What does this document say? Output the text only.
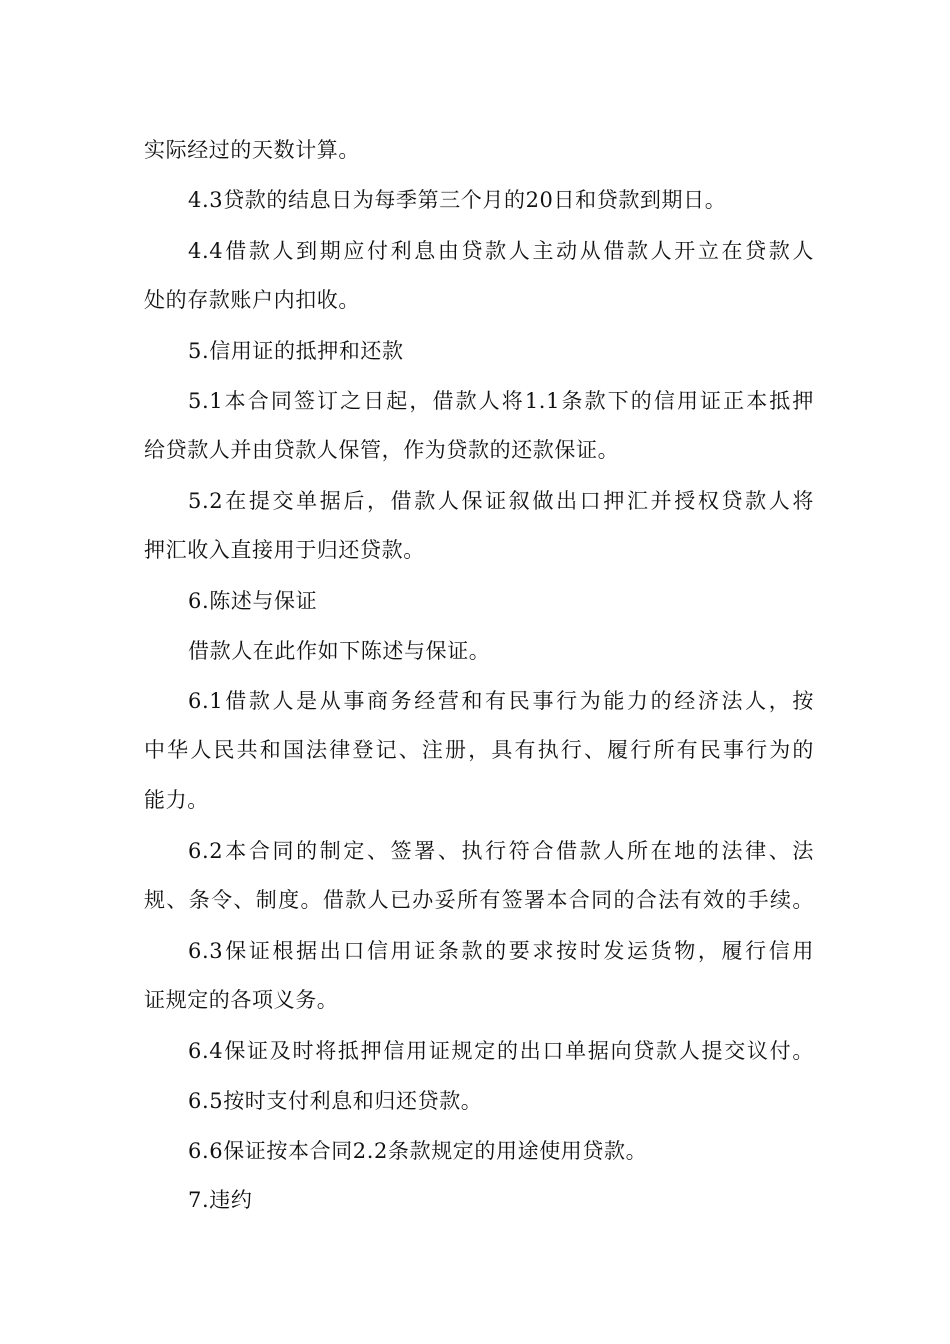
实际经过的天数计算。
4.3贷款的结息日为每季第三个月的20日和贷款到期日。
4.4借款人到期应付利息由贷款人主动从借款人开立在贷款人
处的存款账户内扣收。
5.信用证的抵押和还款
5.1本合同签订之日起，借款人将1.1条款下的信用证正本抵押
给贷款人并由贷款人保管，作为贷款的还款保证。
5.2在提交单据后，借款人保证叙做出口押汇并授权贷款人将
押汇收入直接用于归还贷款。
6.陈述与保证
借款人在此作如下陈述与保证。
6.1借款人是从事商务经营和有民事行为能力的经济法人，按
中华人民共和国法律登记、注册，具有执行、履行所有民事行为的
能力。
6.2本合同的制定、签署、执行符合借款人所在地的法律、法
规、条令、制度。借款人已办妥所有签署本合同的合法有效的手续。
6.3保证根据出口信用证条款的要求按时发运货物，履行信用
证规定的各项义务。
6.4保证及时将抵押信用证规定的出口单据向贷款人提交议付。
6.5按时支付利息和归还贷款。
6.6保证按本合同2.2条款规定的用途使用贷款。
7.违约
